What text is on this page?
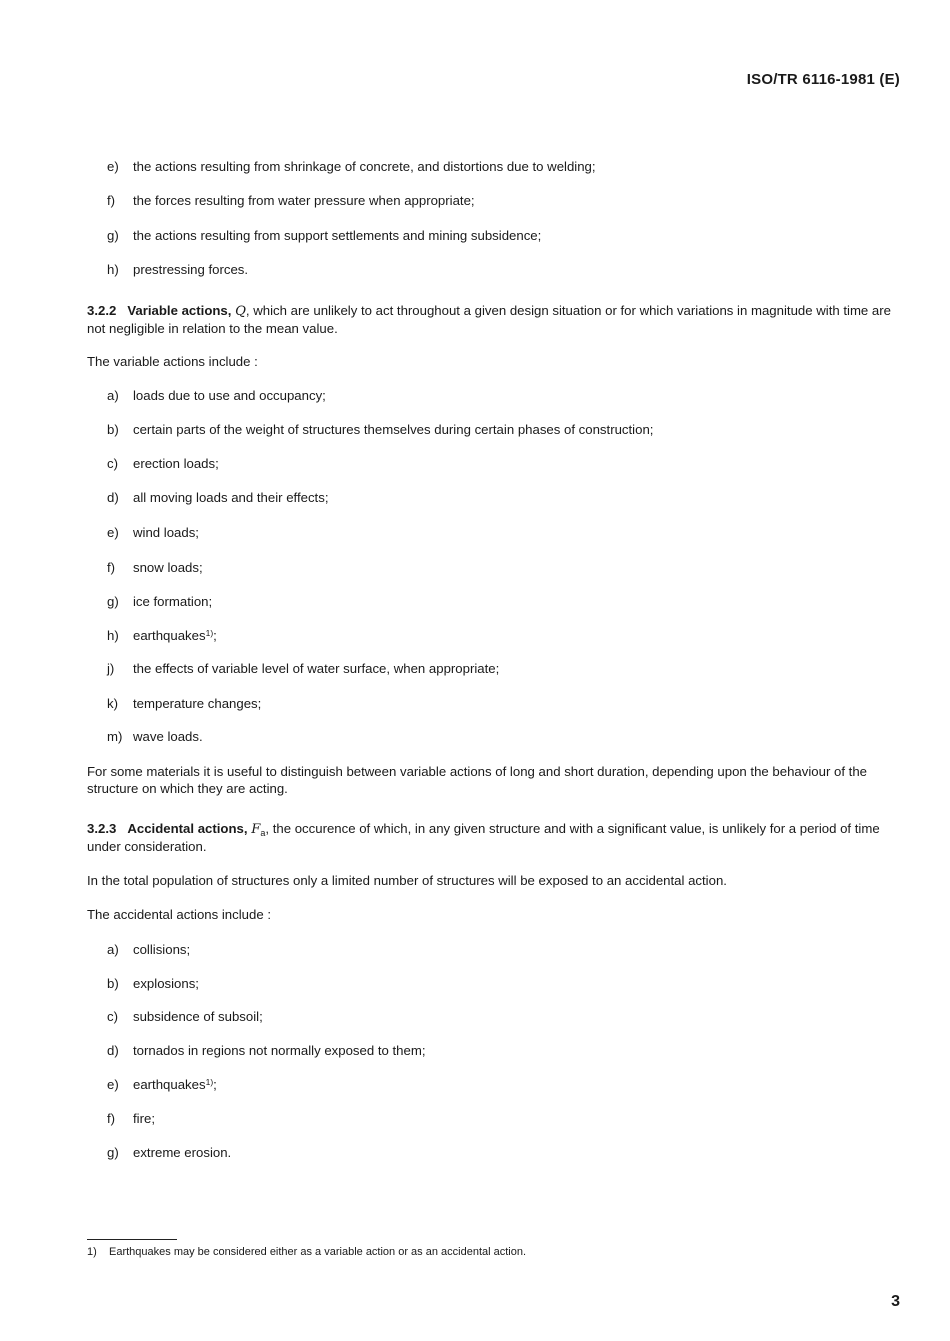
ISO/TR 6116-1981 (E)
e) the actions resulting from shrinkage of concrete, and distortions due to welding;
f) the forces resulting from water pressure when appropriate;
g) the actions resulting from support settlements and mining subsidence;
h) prestressing forces.
3.2.2 Variable actions, Q, which are unlikely to act throughout a given design situation or for which variations in magnitude with time are not negligible in relation to the mean value.
The variable actions include :
a) loads due to use and occupancy;
b) certain parts of the weight of structures themselves during certain phases of construction;
c) erection loads;
d) all moving loads and their effects;
e) wind loads;
f) snow loads;
g) ice formation;
h) earthquakes$^{1)}$;
j) the effects of variable level of water surface, when appropriate;
k) temperature changes;
m) wave loads.
For some materials it is useful to distinguish between variable actions of long and short duration, depending upon the behaviour of the structure on which they are acting.
3.2.3 Accidental actions, $F_a$, the occurence of which, in any given structure and with a significant value, is unlikely for a period of time under consideration.
In the total population of structures only a limited number of structures will be exposed to an accidental action.
The accidental actions include :
a) collisions;
b) explosions;
c) subsidence of subsoil;
d) tornados in regions not normally exposed to them;
e) earthquakes$^{1)}$;
f) fire;
g) extreme erosion.
1) Earthquakes may be considered either as a variable action or as an accidental action.
3
